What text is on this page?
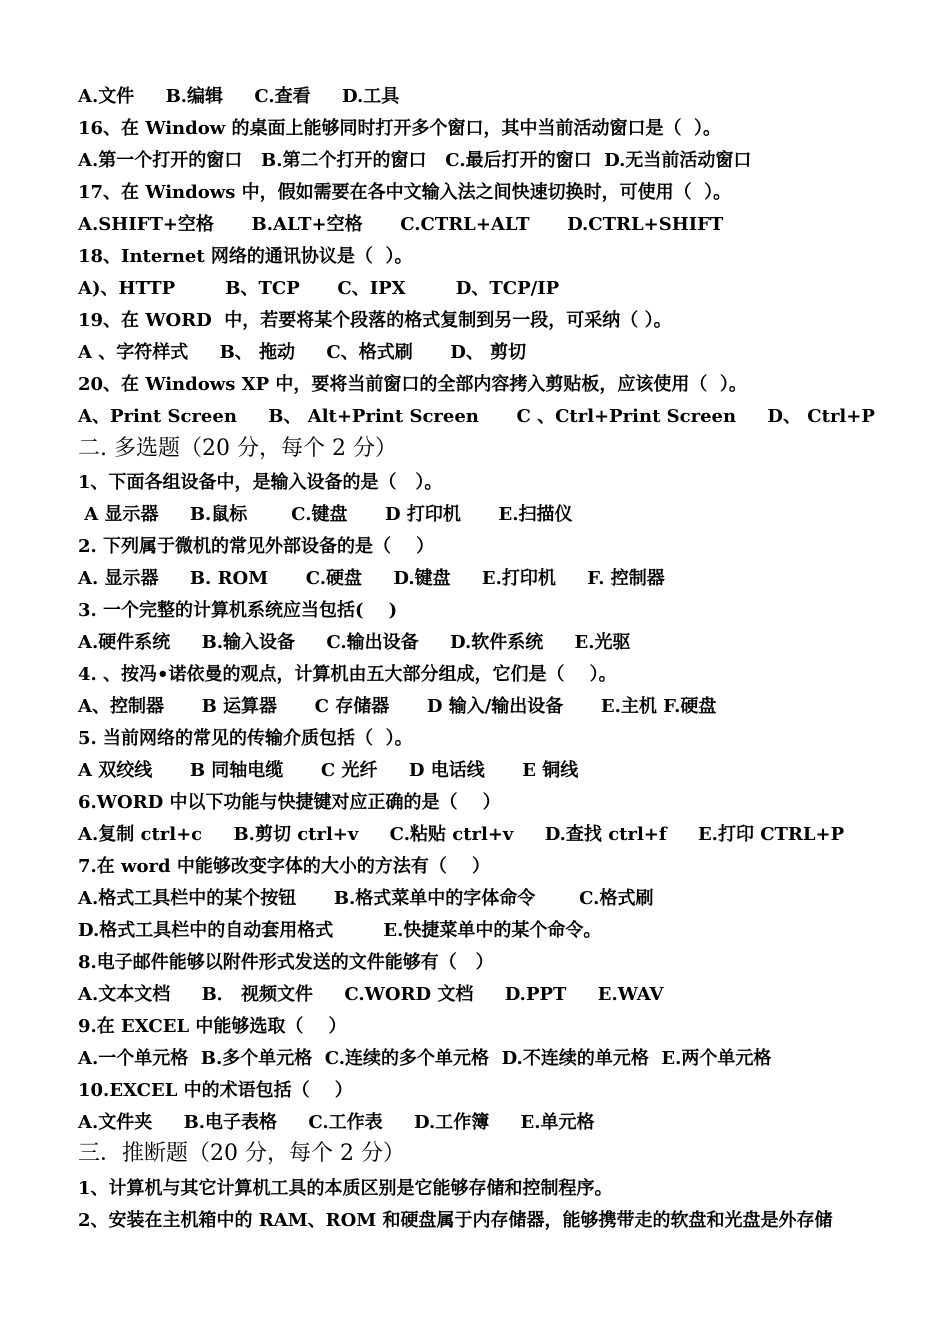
A.文件     B.编辑     C.查看     D.工具
16、在 Window 的桌面上能够同时打开多个窗口，其中当前活动窗口是（  ）。
A.第一个打开的窗口   B.第二个打开的窗口   C.最后打开的窗口  D.无当前活动窗口
17、在 Windows 中，假如需要在各中文输入法之间快速切换时，可使用（  ）。
A.SHIFT+空格      B.ALT+空格      C.CTRL+ALT      D.CTRL+SHIFT
18、Internet 网络的通讯协议是（  ）。
A)、HTTP        B、TCP      C、IPX        D、TCP/IP
19、在 WORD  中，若要将某个段落的格式复制到另一段，可采纳（ ）。
A 、字符样式     B、 拖动     C、格式刷      D、 剪切
20、在 Windows XP 中，要将当前窗口的全部内容拷入剪贴板，应该使用（  ）。
A、Print Screen     B、 Alt+Print Screen      C 、Ctrl+Print Screen     D、 Ctrl+P
二. 多选题（20 分，每个 2 分）
1、下面各组设备中，是输入设备的是（   ）。
A 显示器     B.鼠标       C.键盘      D 打印机      E.扫描仪
2. 下列属于微机的常见外部设备的是（    ）
A. 显示器     B. ROM      C.硬盘     D.键盘     E.打印机     F. 控制器
3. 一个完整的计算机系统应当包括(    )
A.硬件系统     B.输入设备     C.输出设备     D.软件系统     E.光驱
4. 、按冯•诺依曼的观点，计算机由五大部分组成，它们是（    ）。
A、控制器      B 运算器      C 存储器      D 输入/输出设备      E.主机 F.硬盘
5. 当前网络的常见的传输介质包括（  ）。
A 双绞线      B 同轴电缆      C 光纤     D 电话线      E 铜线
6.WORD 中以下功能与快捷键对应正确的是（    ）
A.复制 ctrl+c     B.剪切 ctrl+v     C.粘贴 ctrl+v     D.查找 ctrl+f     E.打印 CTRL+P
7.在 word 中能够改变字体的大小的方法有（    ）
A.格式工具栏中的某个按钮      B.格式菜单中的字体命令       C.格式刷
D.格式工具栏中的自动套用格式        E.快捷菜单中的某个命令。
8.电子邮件能够以附件形式发送的文件能够有（   ）
A.文本文档     B． 视频文件     C.WORD 文档     D.PPT     E.WAV
9.在 EXCEL 中能够选取（    ）
A.一个单元格  B.多个单元格  C.连续的多个单元格  D.不连续的单元格  E.两个单元格
10.EXCEL 中的术语包括（    ）
A.文件夹     B.电子表格     C.工作表     D.工作簿     E.单元格
三．推断题（20 分，每个 2 分）
1、计算机与其它计算机工具的本质区别是它能够存储和控制程序。
2、安装在主机箱中的 RAM、ROM 和硬盘属于内存储器，能够携带走的软盘和光盘是外存储
